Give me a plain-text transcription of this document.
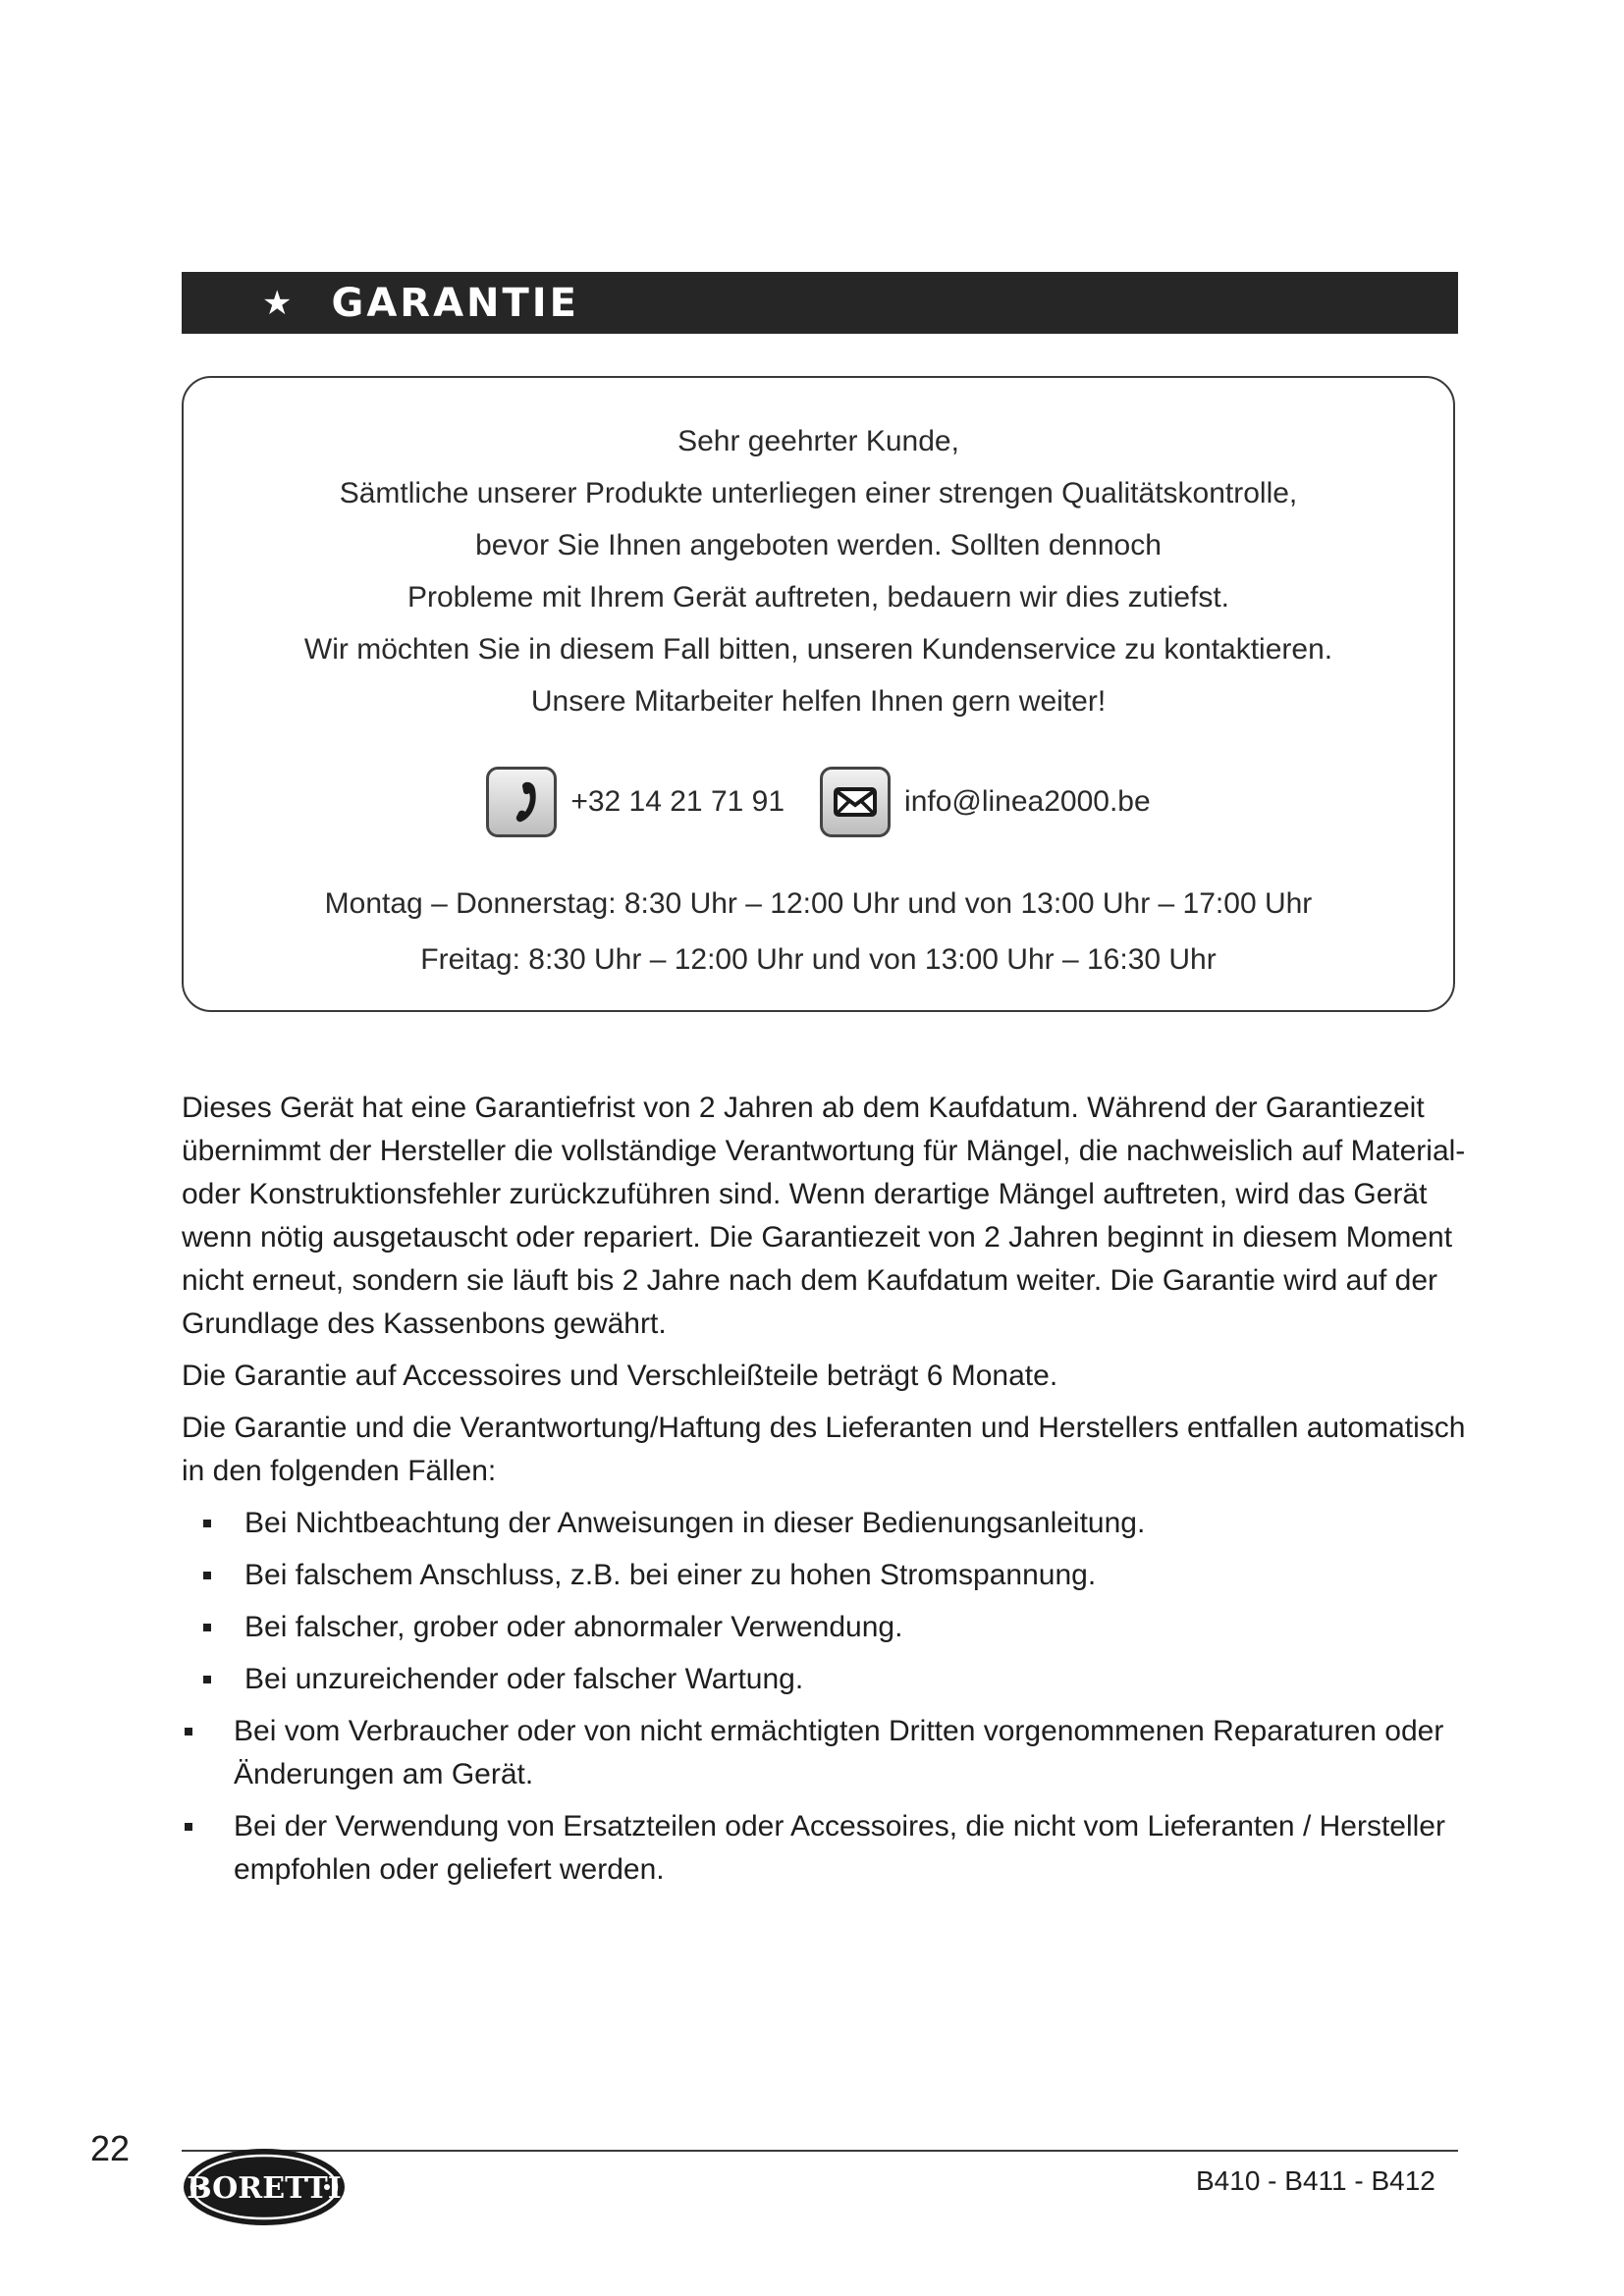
★ GARANTIE
Sehr geehrter Kunde,
Sämtliche unserer Produkte unterliegen einer strengen Qualitätskontrolle,
bevor Sie Ihnen angeboten werden. Sollten dennoch
Probleme mit Ihrem Gerät auftreten, bedauern wir dies zutiefst.
Wir möchten Sie in diesem Fall bitten, unseren Kundenservice zu kontaktieren.
Unsere Mitarbeiter helfen Ihnen gern weiter!
+32 14 21 71 91	info@linea2000.be
Montag – Donnerstag: 8:30 Uhr – 12:00 Uhr und von 13:00 Uhr – 17:00 Uhr
Freitag: 8:30 Uhr – 12:00 Uhr und von 13:00 Uhr – 16:30 Uhr

Dieses Gerät hat eine Garantiefrist von 2 Jahren ab dem Kaufdatum. Während der Garantiezeit übernimmt der Hersteller die vollständige Verantwortung für Mängel, die nachweislich auf Material- oder Konstruktionsfehler zurückzuführen sind. Wenn derartige Mängel auftreten, wird das Gerät wenn nötig ausgetauscht oder repariert. Die Garantiezeit von 2 Jahren beginnt in diesem Moment nicht erneut, sondern sie läuft bis 2 Jahre nach dem Kaufdatum weiter. Die Garantie wird auf der Grundlage des Kassenbons gewährt.

Die Garantie auf Accessoires und Verschleißteile beträgt 6 Monate.

Die Garantie und die Verantwortung/Haftung des Lieferanten und Herstellers entfallen automatisch in den folgenden Fällen:

Bei Nichtbeachtung der Anweisungen in dieser Bedienungsanleitung.
Bei falschem Anschluss, z.B. bei einer zu hohen Stromspannung.
Bei falscher, grober oder abnormaler Verwendung.
Bei unzureichender oder falscher Wartung.
Bei vom Verbraucher oder von nicht ermächtigten Dritten vorgenommenen Reparaturen oder Änderungen am Gerät.
Bei der Verwendung von Ersatzteilen oder Accessoires, die nicht vom Lieferanten / Hersteller empfohlen oder geliefert werden.
22
BORETTI	B410 - B411 - B412
